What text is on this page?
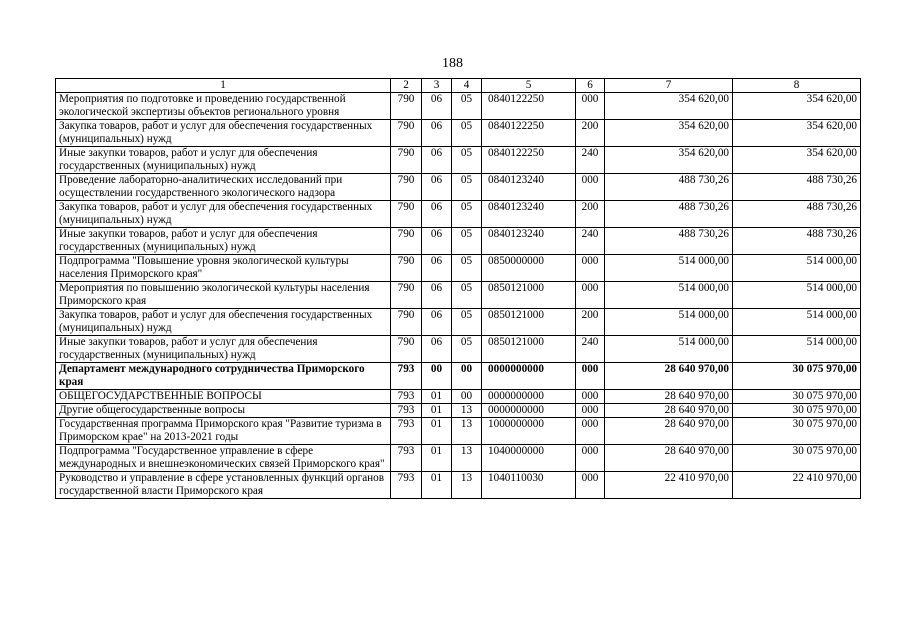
188
1	2	3	4	5	6	7	8
Мероприятия по подготовке и проведению государственной экологической экспертизы объектов регионального уровня	790	06	05	0840122250	000	354 620,00	354 620,00
Закупка товаров, работ и услуг для обеспечения государственных (муниципальных) нужд	790	06	05	0840122250	200	354 620,00	354 620,00
Иные закупки товаров, работ и услуг для обеспечения государственных (муниципальных) нужд	790	06	05	0840122250	240	354 620,00	354 620,00
Проведение лабораторно-аналитических исследований при осуществлении государственного экологического надзора	790	06	05	0840123240	000	488 730,26	488 730,26
Закупка товаров, работ и услуг для обеспечения государственных (муниципальных) нужд	790	06	05	0840123240	200	488 730,26	488 730,26
Иные закупки товаров, работ и услуг для обеспечения государственных (муниципальных) нужд	790	06	05	0840123240	240	488 730,26	488 730,26
Подпрограмма "Повышение уровня экологической культуры населения Приморского края"	790	06	05	0850000000	000	514 000,00	514 000,00
Мероприятия по повышению экологической культуры населения Приморского края	790	06	05	0850121000	000	514 000,00	514 000,00
Закупка товаров, работ и услуг для обеспечения государственных (муниципальных) нужд	790	06	05	0850121000	200	514 000,00	514 000,00
Иные закупки товаров, работ и услуг для обеспечения государственных (муниципальных) нужд	790	06	05	0850121000	240	514 000,00	514 000,00
Департамент международного сотрудничества Приморского края	793	00	00	0000000000	000	28 640 970,00	30 075 970,00
ОБЩЕГОСУДАРСТВЕННЫЕ ВОПРОСЫ	793	01	00	0000000000	000	28 640 970,00	30 075 970,00
Другие общегосударственные вопросы	793	01	13	0000000000	000	28 640 970,00	30 075 970,00
Государственная программа Приморского края "Развитие туризма в Приморском крае" на 2013-2021 годы	793	01	13	1000000000	000	28 640 970,00	30 075 970,00
Подпрограмма "Государственное управление в сфере международных и внешнеэкономических связей Приморского края"	793	01	13	1040000000	000	28 640 970,00	30 075 970,00
Руководство и управление в сфере установленных функций органов государственной власти Приморского края	793	01	13	1040110030	000	22 410 970,00	22 410 970,00
